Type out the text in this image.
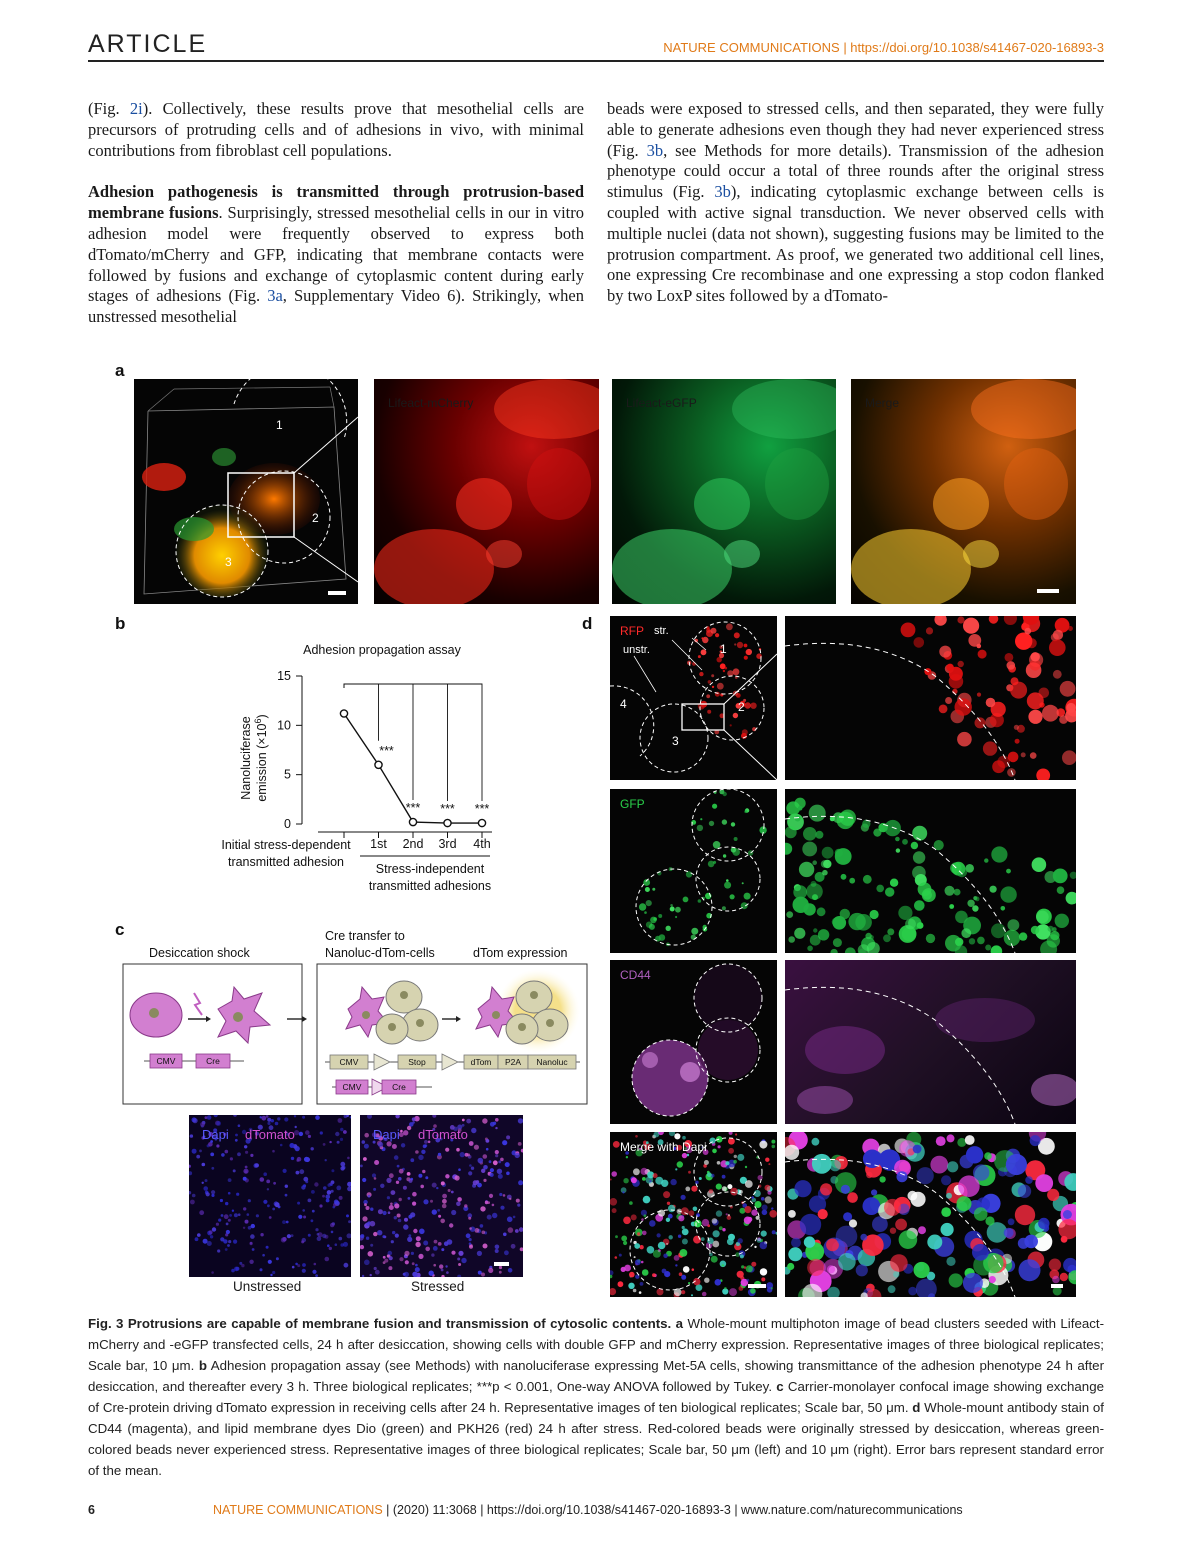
ARTICLE	NATURE COMMUNICATIONS | https://doi.org/10.1038/s41467-020-16893-3

(Fig. 2i). Collectively, these results prove that mesothelial cells are precursors of protruding cells and of adhesions in vivo, with minimal contributions from fibroblast cell populations.

Adhesion pathogenesis is transmitted through protrusion-based membrane fusions. Surprisingly, stressed mesothelial cells in our in vitro adhesion model were frequently observed to express both dTomato/mCherry and GFP, indicating that membrane contacts were followed by fusions and exchange of cytoplasmic content during early stages of adhesions (Fig. 3a, Supplementary Video 6). Strikingly, when unstressed mesothelial

beads were exposed to stressed cells, and then separated, they were fully able to generate adhesions even though they had never experienced stress (Fig. 3b, see Methods for more details). Transmission of the adhesion phenotype could occur a total of three rounds after the original stress stimulus (Fig. 3b), indicating cytoplasmic exchange between cells is coupled with active signal transduction. We never observed cells with multiple nuclei (data not shown), suggesting fusions may be limited to the protrusion compartment. As proof, we generated two additional cell lines, one expressing Cre recombinase and one expressing a stop codon flanked by two LoxP sites followed by a dTomato-

a
b
c
d
1
2
3
Lifeact-mCherry	Lifeact-eGFP	Merge
Adhesion propagation assay
Nanoluciferase emission $(\times 10^6)$
0
5
10
15
1st 2nd 3rd 4th
***
*** *** ***
Initial stress-dependent
transmitted adhesion	Stress-independent
transmitted adhesions
Desiccation shock
Cre transfer to
Nanoluc-dTom-cells	dTom expression
CMV	Cre	CMV	Stop	dTom P2A Nanoluc
CMV	Cre
Dapi dTomato	Dapi dTomato
Unstressed	Stressed
1
2
3
4
RFP str.
unstr.
GFP
CD44
Merge with Dapi
Fig. 3 Protrusions are capable of membrane fusion and transmission of cytosolic contents. a Whole-mount multiphoton image of bead clusters seeded with Lifeact-mCherry and -eGFP transfected cells, 24 h after desiccation, showing cells with double GFP and mCherry expression. Representative images of three biological replicates; Scale bar, 10 μm. b Adhesion propagation assay (see Methods) with nanoluciferase expressing Met-5A cells, showing transmittance of the adhesion phenotype 24 h after desiccation, and thereafter every 3 h. Three biological replicates; ***p < 0.001, One-way ANOVA followed by Tukey. c Carrier-monolayer confocal image showing exchange of Cre-protein driving dTomato expression in receiving cells after 24 h. Representative images of ten biological replicates; Scale bar, 50 μm. d Whole-mount antibody stain of CD44 (magenta), and lipid membrane dyes Dio (green) and PKH26 (red) 24 h after stress. Red-colored beads were originally stressed by desiccation, whereas green-colored beads never experienced stress. Representative images of three biological replicates; Scale bar, 50 μm (left) and 10 μm (right). Error bars represent standard error of the mean.
6	NATURE COMMUNICATIONS | (2020) 11:3068 | https://doi.org/10.1038/s41467-020-16893-3 | www.nature.com/naturecommunications
